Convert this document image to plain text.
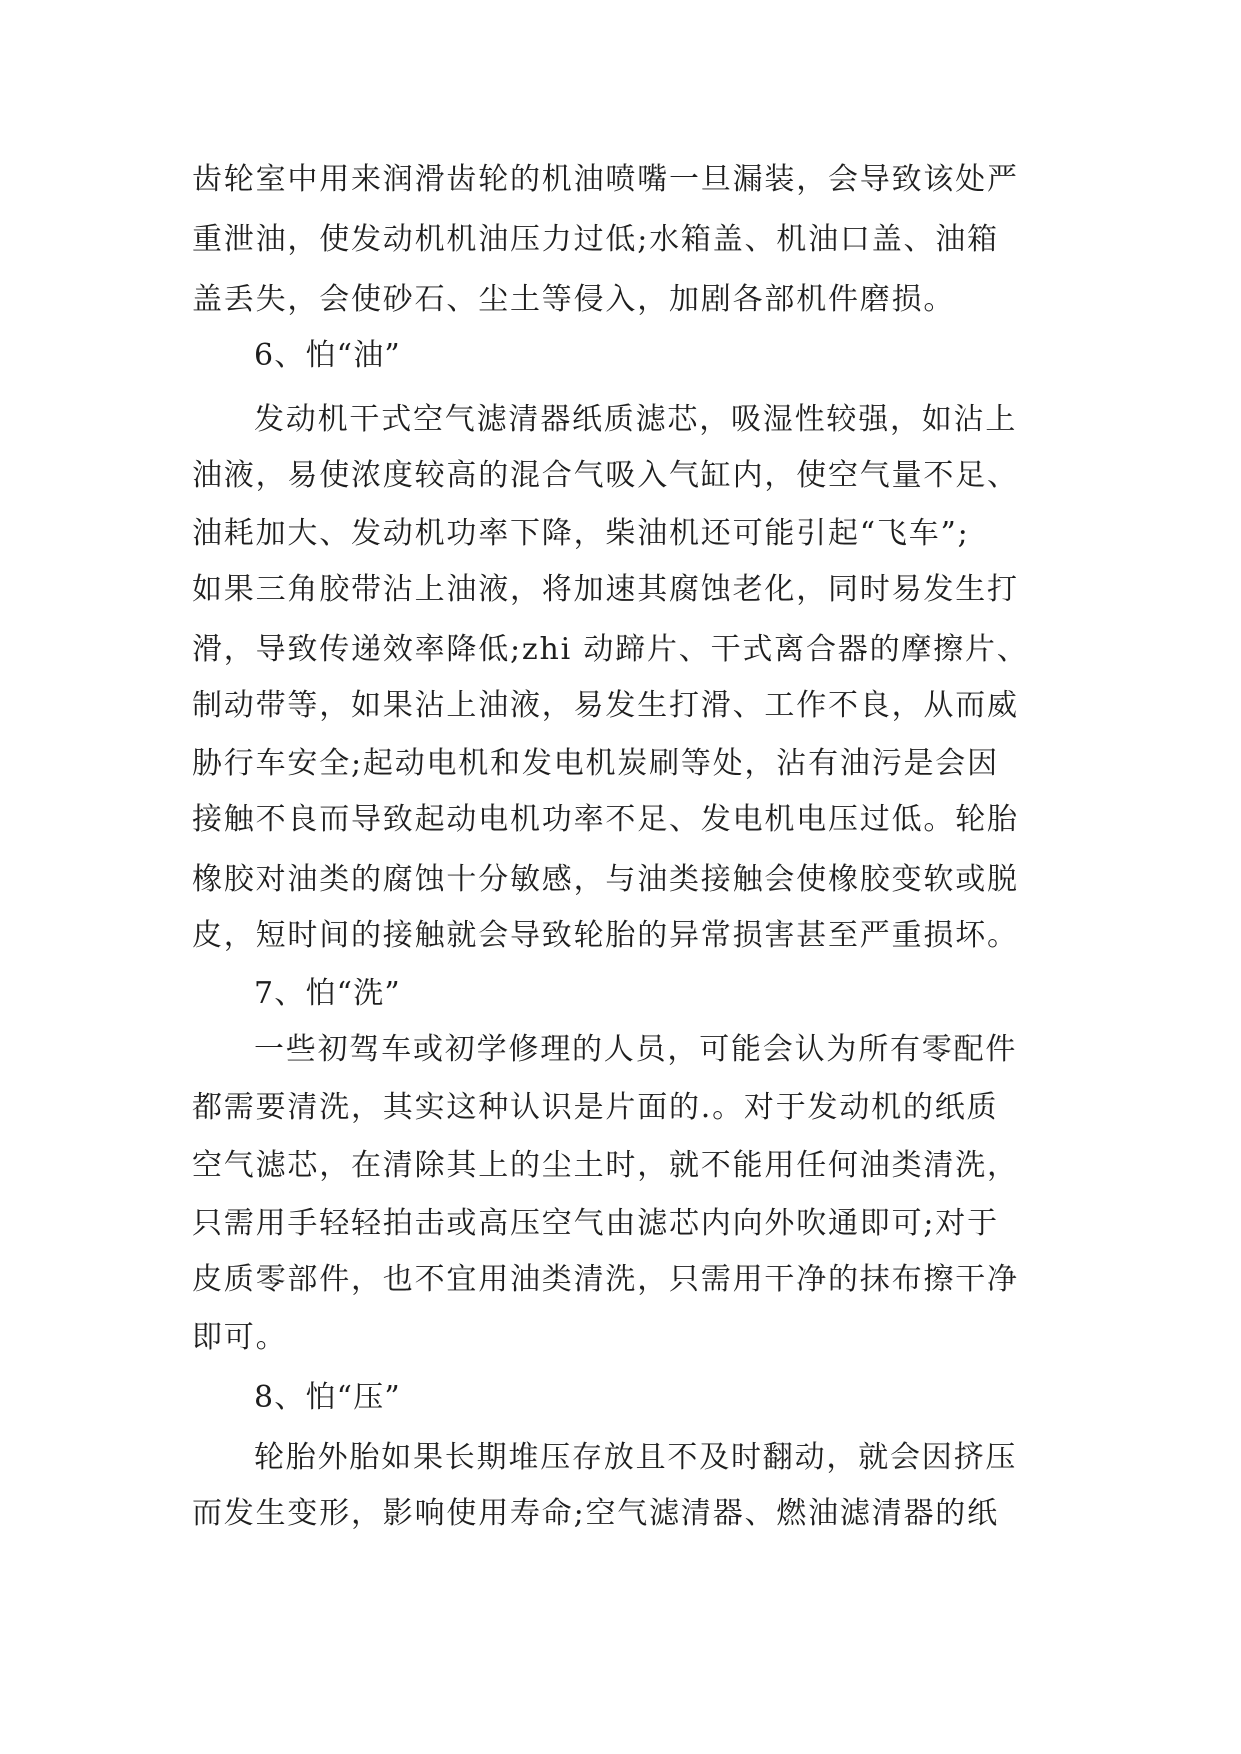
齿轮室中用来润滑齿轮的机油喷嘴一旦漏装，会导致该处严
重泄油，使发动机机油压力过低;水箱盖、机油口盖、油箱
盖丢失，会使砂石、尘土等侵入，加剧各部机件磨损。
6、怕“油”
发动机干式空气滤清器纸质滤芯，吸湿性较强，如沾上
油液，易使浓度较高的混合气吸入气缸内，使空气量不足、
油耗加大、发动机功率下降，柴油机还可能引起“飞车”;
如果三角胶带沾上油液，将加速其腐蚀老化，同时易发生打
滑，导致传递效率降低;zhi 动蹄片、干式离合器的摩擦片、
制动带等，如果沾上油液，易发生打滑、工作不良，从而威
胁行车安全;起动电机和发电机炭刷等处，沾有油污是会因
接触不良而导致起动电机功率不足、发电机电压过低。轮胎
橡胶对油类的腐蚀十分敏感，与油类接触会使橡胶变软或脱
皮，短时间的接触就会导致轮胎的异常损害甚至严重损坏。
7、怕“洗”
一些初驾车或初学修理的人员，可能会认为所有零配件
都需要清洗，其实这种认识是片面的.。对于发动机的纸质
空气滤芯，在清除其上的尘土时，就不能用任何油类清洗，
只需用手轻轻拍击或高压空气由滤芯内向外吹通即可;对于
皮质零部件，也不宜用油类清洗，只需用干净的抹布擦干净
即可。
8、怕“压”
轮胎外胎如果长期堆压存放且不及时翻动，就会因挤压
而发生变形，影响使用寿命;空气滤清器、燃油滤清器的纸
